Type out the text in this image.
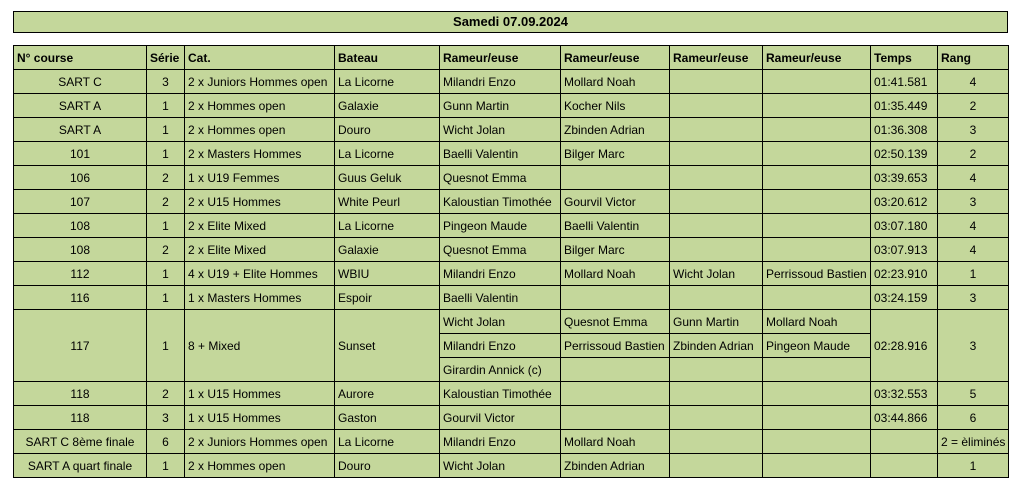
Samedi 07.09.2024
N° course	Série	Cat.	Bateau	Rameur/euse	Rameur/euse	Rameur/euse	Rameur/euse	Temps	Rang
SART C	3	2 x Juniors Hommes open	La Licorne	Milandri Enzo	Mollard Noah			01:41.581	4
SART A	1	2 x Hommes open	Galaxie	Gunn Martin	Kocher Nils			01:35.449	2
SART A	1	2 x Hommes open	Douro	Wicht Jolan	Zbinden Adrian			01:36.308	3
101	1	2 x Masters Hommes	La Licorne	Baelli Valentin	Bilger Marc			02:50.139	2
106	2	1 x U19 Femmes	Guus Geluk	Quesnot Emma				03:39.653	4
107	2	2 x U15 Hommes	White Peurl	Kaloustian Timothée	Gourvil Victor			03:20.612	3
108	1	2 x Elite Mixed	La Licorne	Pingeon Maude	Baelli Valentin			03:07.180	4
108	2	2 x Elite Mixed	Galaxie	Quesnot Emma	Bilger Marc			03:07.913	4
112	1	4 x U19 + Elite Hommes	WBIU	Milandri Enzo	Mollard Noah	Wicht Jolan	Perrissoud Bastien	02:23.910	1
116	1	1 x Masters Hommes	Espoir	Baelli Valentin				03:24.159	3
117	1	8 + Mixed	Sunset	Wicht Jolan	Quesnot Emma	Gunn Martin	Mollard Noah	02:28.916	3
				Milandri Enzo	Perrissoud Bastien	Zbinden Adrian	Pingeon Maude		
				Girardin Annick (c)					
118	2	1 x U15 Hommes	Aurore	Kaloustian Timothée				03:32.553	5
118	3	1 x U15 Hommes	Gaston	Gourvil Victor				03:44.866	6
SART C 8ème finale	6	2 x Juniors Hommes open	La Licorne	Milandri Enzo	Mollard Noah				2 = èliminés
SART A quart finale	1	2 x Hommes open	Douro	Wicht Jolan	Zbinden Adrian				1
